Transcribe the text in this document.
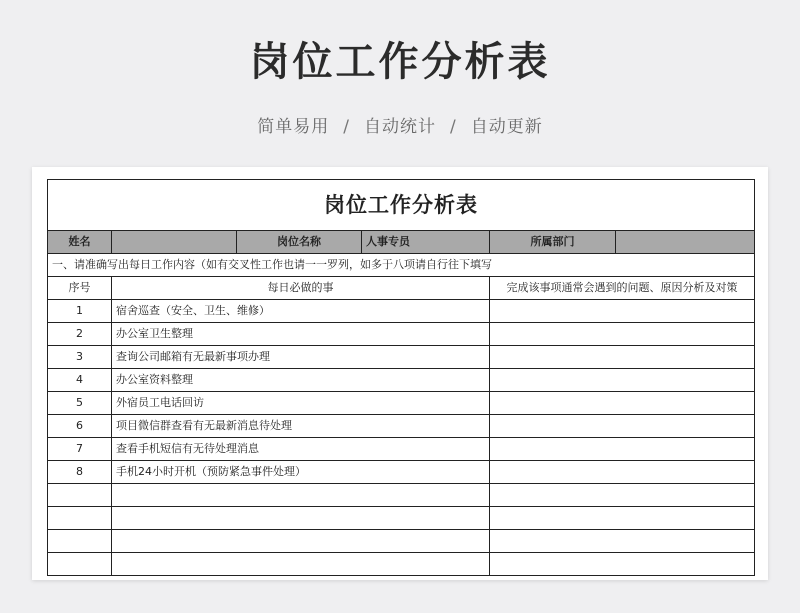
岗位工作分析表
简单易用 / 自动统计 / 自动更新
岗位工作分析表					
姓名		岗位名称	人事专员	所属部门	
一、请准确写出每日工作内容（如有交叉性工作也请一一罗列，如多于八项请自行往下填写					
序号	每日必做的事			完成该事项通常会遇到的问题、原因分析及对策	
1	宿舍巡查（安全、卫生、维修）				
2	办公室卫生整理				
3	查询公司邮箱有无最新事项办理				
4	办公室资料整理				
5	外宿员工电话回访				
6	项目微信群查看有无最新消息待处理				
7	查看手机短信有无待处理消息				
8	手机24小时开机（预防紧急事件处理）				
